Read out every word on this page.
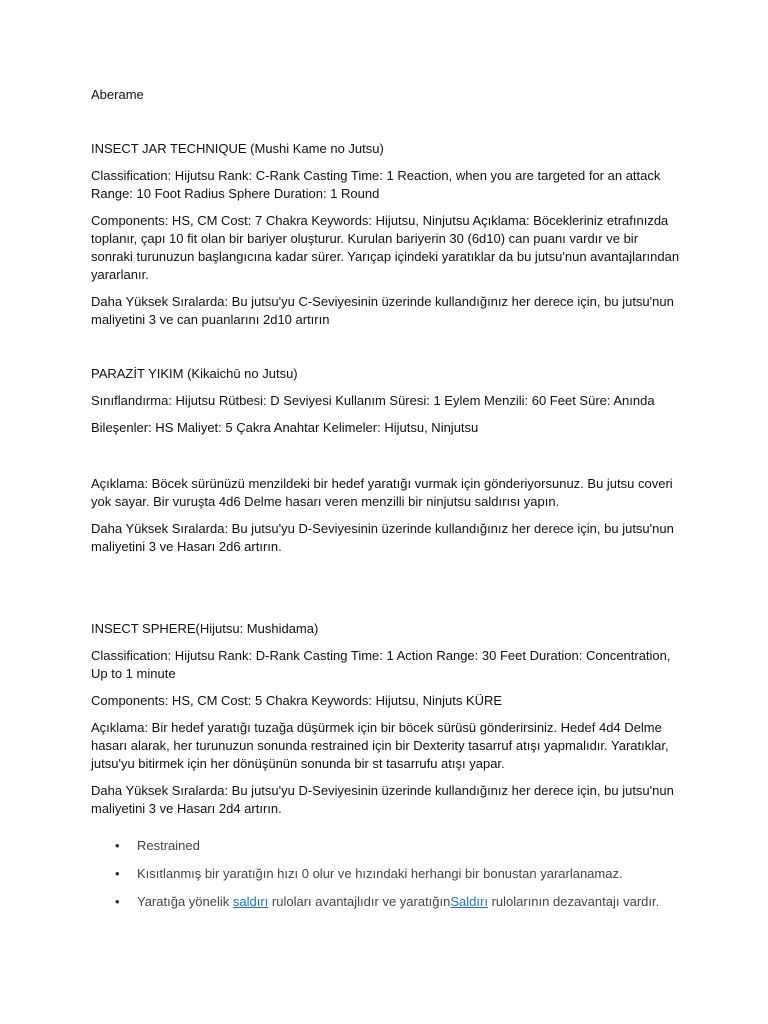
Aberame

INSECT JAR TECHNIQUE (Mushi Kame no Jutsu)

Classification: Hijutsu Rank: C-Rank Casting Time: 1 Reaction, when you are targeted for an attack Range: 10 Foot Radius Sphere Duration: 1 Round

Components: HS, CM Cost: 7 Chakra Keywords: Hijutsu, Ninjutsu Açıklama: Böcekleriniz etrafınızda toplanır, çapı 10 fit olan bir bariyer oluşturur. Kurulan bariyerin 30 (6d10) can puanı vardır ve bir sonraki turunuzun başlangıcına kadar sürer. Yarıçap içindeki yaratıklar da bu jutsu'nun avantajlarından yararlanır.

Daha Yüksek Sıralarda: Bu jutsu'yu C-Seviyesinin üzerinde kullandığınız her derece için, bu jutsu'nun maliyetini 3 ve can puanlarını 2d10 artırın

PARAZİT YIKIM (Kikaichū no Jutsu)

Sınıflandırma: Hijutsu Rütbesi: D Seviyesi Kullanım Süresi: 1 Eylem Menzili: 60 Feet Süre: Anında

Bileşenler: HS Maliyet: 5 Çakra Anahtar Kelimeler: Hijutsu, Ninjutsu

Açıklama: Böcek sürünüzü menzildeki bir hedef yaratığı vurmak için gönderiyorsunuz. Bu jutsu coveri yok sayar. Bir vuruşta 4d6 Delme hasarı veren menzilli bir ninjutsu saldırısı yapın.

Daha Yüksek Sıralarda: Bu jutsu'yu D-Seviyesinin üzerinde kullandığınız her derece için, bu jutsu'nun maliyetini 3 ve Hasarı 2d6 artırın.

INSECT SPHERE(Hijutsu: Mushidama)

Classification: Hijutsu Rank: D-Rank Casting Time: 1 Action Range: 30 Feet Duration: Concentration, Up to 1 minute

Components: HS, CM Cost: 5 Chakra Keywords: Hijutsu, Ninjuts KÜRE

Açıklama: Bir hedef yaratığı tuzağa düşürmek için bir böcek sürüsü gönderirsiniz. Hedef 4d4 Delme hasarı alarak, her turunuzun sonunda restrained için bir Dexterity tasarruf atışı yapmalıdır. Yaratıklar, jutsu'yu bitirmek için her dönüşünün sonunda bir st tasarrufu atışı yapar.

Daha Yüksek Sıralarda: Bu jutsu'yu D-Seviyesinin üzerinde kullandığınız her derece için, bu jutsu'nun maliyetini 3 ve Hasarı 2d4 artırın.

• Restrained
• Kısıtlanmış bir yaratığın hızı 0 olur ve hızındaki herhangi bir bonustan yararlanamaz.
• Yaratığa yönelik saldırı ruloları avantajlıdır ve yaratığınSaldırı rulolarının dezavantajı vardır.
